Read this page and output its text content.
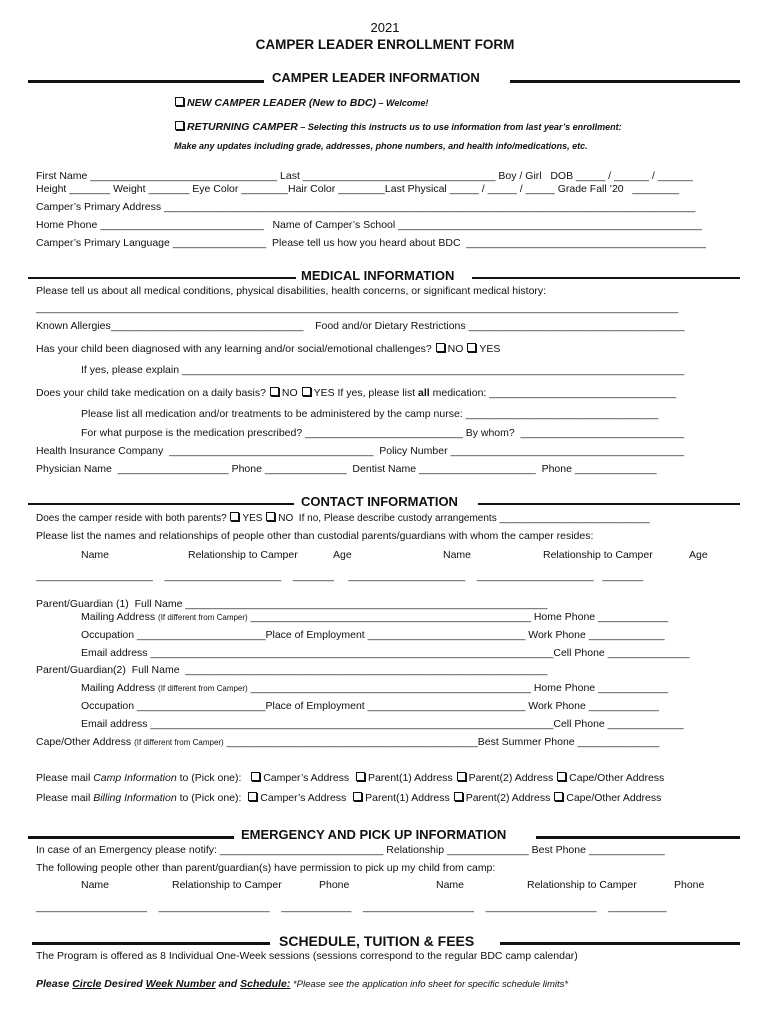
2021
CAMPER LEADER ENROLLMENT FORM
CAMPER LEADER INFORMATION
NEW CAMPER LEADER (New to BDC) – Welcome!
RETURNING CAMPER – Selecting this instructs us to use information from last year’s enrollment:
Make any updates including grade, addresses, phone numbers, and health info/medications, etc.
First Name ________________________________ Last _________________________________ Boy / Girl   DOB _____ / ______ / ______
Height _______ Weight _______ Eye Color ________Hair Color ________Last Physical _____ / _____ / _____ Grade Fall ’20   ________
Camper’s Primary Address ___________________________________________________________________________________________
Home Phone ____________________________   Name of Camper’s School ____________________________________________________
Camper’s Primary Language ________________  Please tell us how you heard about BDC  _________________________________________
MEDICAL INFORMATION
Please tell us about all medical conditions, physical disabilities, health concerns, or significant medical history:
______________________________________________________________________________________________________________
Known Allergies_________________________________    Food and/or Dietary Restrictions _____________________________________
Has your child been diagnosed with any learning and/or social/emotional challenges? NO YES
If yes, please explain ______________________________________________________________________________________
Does your child take medication on a daily basis? NO YES If yes, please list all medication: ________________________________
Please list all medication and/or treatments to be administered by the camp nurse: _________________________________
For what purpose is the medication prescribed? ___________________________ By whom?  ____________________________
Health Insurance Company  ___________________________________  Policy Number ________________________________________
Physician Name  ___________________ Phone ______________  Dentist Name ____________________  Phone ______________
CONTACT INFORMATION
Does the camper reside with both parents? YES NO  If no, Please describe custody arrangements ___________________________
Please list the names and relationships of people other than custodial parents/guardians with whom the camper resides:
Name	Relationship to Camper	Age	Name	Relationship to Camper	Age
____________________    ____________________    _______     ____________________    ____________________   _______
Parent/Guardian (1)  Full Name ______________________________________________________________
Mailing Address (If different from Camper) ________________________________________________ Home Phone ____________
Occupation ______________________Place of Employment ___________________________ Work Phone _____________
Email address _____________________________________________________________________Cell Phone ______________
Parent/Guardian(2)  Full Name  ______________________________________________________________
Mailing Address (If different from Camper) ________________________________________________ Home Phone ____________
Occupation ______________________Place of Employment ___________________________ Work Phone ____________
Email address _____________________________________________________________________Cell Phone _____________
Cape/Other Address (If different from Camper) ___________________________________________Best Summer Phone ______________
Please mail Camp Information to (Pick one): Camper’s Address Parent(1) Address Parent(2) Address Cape/Other Address
Please mail Billing Information to (Pick one): Camper’s Address Parent(1) Address Parent(2) Address Cape/Other Address
EMERGENCY AND PICK UP INFORMATION
In case of an Emergency please notify: ____________________________ Relationship ______________ Best Phone _____________
The following people other than parent/guardian(s) have permission to pick up my child from camp:
Name	Relationship to Camper	Phone	Name	Relationship to Camper	Phone
___________________    ___________________    ____________    ___________________    ___________________    __________
SCHEDULE, TUITION & FEES
The Program is offered as 8 Individual One-Week sessions (sessions correspond to the regular BDC camp calendar)
Please Circle Desired Week Number and Schedule: *Please see the application info sheet for specific schedule limits*
